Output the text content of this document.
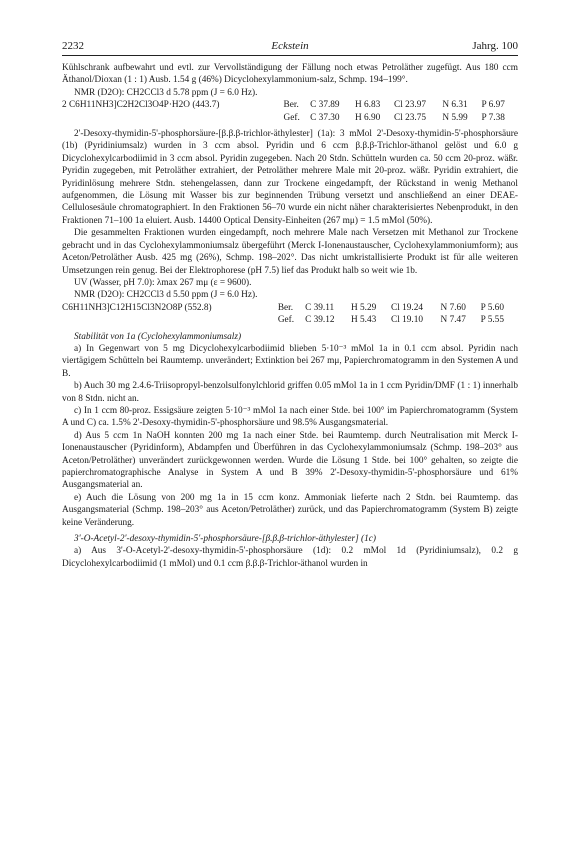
2232	Eckstein	Jahrg. 100

Kühlschrank aufbewahrt und evtl. zur Vervollständigung der Fällung noch etwas Petroläther zugefügt. Aus 180 ccm Äthanol/Dioxan (1 : 1) Ausb. 1.54 g (46%) Dicyclohexylammonium-salz, Schmp. 194–199°.

NMR (D2O): CH2CCl3 d 5.78 ppm (J = 6.0 Hz).

2 C6H11NH3]C2H2Cl3O4P·H2O (443.7)	Ber.	C 37.89	H 6.83	Cl 23.97	N 6.31	P 6.97
	Gef.	C 37.30	H 6.90	Cl 23.75	N 5.99	P 7.38

2'-Desoxy-thymidin-5'-phosphorsäure-[β.β.β-trichlor-äthylester] (1a): 3 mMol 2'-Desoxy-thymidin-5'-phosphorsäure (1b) (Pyridiniumsalz) wurden in 3 ccm absol. Pyridin und 6 ccm β.β.β-Trichlor-äthanol gelöst und 6.0 g Dicyclohexylcarbodiimid in 3 ccm absol. Pyridin zugegeben. Nach 20 Stdn. Schütteln wurden ca. 50 ccm 20-proz. wäßr. Pyridin zugegeben, mit Petroläther extrahiert, der Petroläther mehrere Male mit 20-proz. wäßr. Pyridin extrahiert, die Pyridinlösung mehrere Stdn. stehengelassen, dann zur Trockene eingedampft, der Rückstand in wenig Methanol aufgenommen, die Lösung mit Wasser bis zur beginnenden Trübung versetzt und anschließend an einer DEAE-Cellulosesäule chromatographiert. In den Fraktionen 56–70 wurde ein nicht näher charakterisiertes Nebenprodukt, in den Fraktionen 71–100 1a eluiert. Ausb. 14400 Optical Density-Einheiten (267 mμ) = 1.5 mMol (50%).

Die gesammelten Fraktionen wurden eingedampft, noch mehrere Male nach Versetzen mit Methanol zur Trockene gebracht und in das Cyclohexylammoniumsalz übergeführt (Merck I-Ionenaustauscher, Cyclohexylammoniumform); aus Aceton/Petroläther Ausb. 425 mg (26%), Schmp. 198–202°. Das nicht umkristallisierte Produkt ist für alle weiteren Umsetzungen rein genug. Bei der Elektrophorese (pH 7.5) lief das Produkt halb so weit wie 1b.

UV (Wasser, pH 7.0): λmax 267 mμ (ε = 9600).

NMR (D2O): CH2CCl3 d 5.50 ppm (J = 6.0 Hz).

C6H11NH3]C12H15Cl3N2O8P (552.8)	Ber.	C 39.11	H 5.29	Cl 19.24	N 7.60	P 5.60
	Gef.	C 39.12	H 5.43	Cl 19.10	N 7.47	P 5.55

Stabilität von 1a (Cyclohexylammoniumsalz)

a) In Gegenwart von 5 mg Dicyclohexylcarbodiimid blieben 5·10⁻³ mMol 1a in 0.1 ccm absol. Pyridin nach viertägigem Schütteln bei Raumtemp. unverändert; Extinktion bei 267 mμ, Papierchromatogramm in den Systemen A und B.

b) Auch 30 mg 2.4.6-Triisopropyl-benzolsulfonylchlorid griffen 0.05 mMol 1a in 1 ccm Pyridin/DMF (1 : 1) innerhalb von 8 Stdn. nicht an.

c) In 1 ccm 80-proz. Essigsäure zeigten 5·10⁻³ mMol 1a nach einer Stde. bei 100° im Papierchromatogramm (System A und C) ca. 1.5% 2'-Desoxy-thymidin-5'-phosphorsäure und 98.5% Ausgangsmaterial.

d) Aus 5 ccm 1n NaOH konnten 200 mg 1a nach einer Stde. bei Raumtemp. durch Neutralisation mit Merck I-Ionenaustauscher (Pyridinform), Abdampfen und Überführen in das Cyclohexylammoniumsalz (Schmp. 198–203° aus Aceton/Petroläther) unverändert zurückgewonnen werden. Wurde die Lösung 1 Stde. bei 100° gehalten, so zeigte die papierchromatographische Analyse in System A und B 39% 2'-Desoxy-thymidin-5'-phosphorsäure und 61% Ausgangsmaterial an.

e) Auch die Lösung von 200 mg 1a in 15 ccm konz. Ammoniak lieferte nach 2 Stdn. bei Raumtemp. das Ausgangsmaterial (Schmp. 198–203° aus Aceton/Petroläther) zurück, und das Papierchromatogramm (System B) zeigte keine Veränderung.

3'-O-Acetyl-2'-desoxy-thymidin-5'-phosphorsäure-[β.β.β-trichlor-äthylester] (1c)

a) Aus 3'-O-Acetyl-2'-desoxy-thymidin-5'-phosphorsäure (1d): 0.2 mMol 1d (Pyridiniumsalz), 0.2 g Dicyclohexylcarbodiimid (1 mMol) und 0.1 ccm β.β.β-Trichlor-äthanol wurden in
